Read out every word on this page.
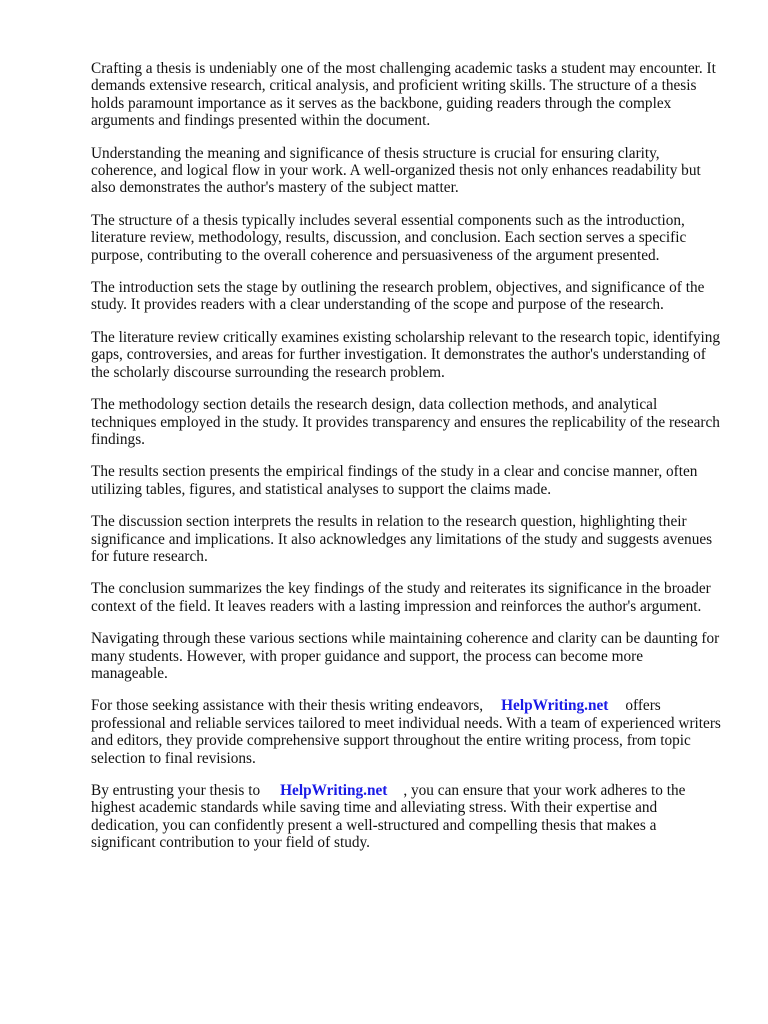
Crafting a thesis is undeniably one of the most challenging academic tasks a student may encounter. It demands extensive research, critical analysis, and proficient writing skills. The structure of a thesis holds paramount importance as it serves as the backbone, guiding readers through the complex arguments and findings presented within the document.

Understanding the meaning and significance of thesis structure is crucial for ensuring clarity, coherence, and logical flow in your work. A well-organized thesis not only enhances readability but also demonstrates the author's mastery of the subject matter.

The structure of a thesis typically includes several essential components such as the introduction, literature review, methodology, results, discussion, and conclusion. Each section serves a specific purpose, contributing to the overall coherence and persuasiveness of the argument presented.

The introduction sets the stage by outlining the research problem, objectives, and significance of the study. It provides readers with a clear understanding of the scope and purpose of the research.

The literature review critically examines existing scholarship relevant to the research topic, identifying gaps, controversies, and areas for further investigation. It demonstrates the author's understanding of the scholarly discourse surrounding the research problem.

The methodology section details the research design, data collection methods, and analytical techniques employed in the study. It provides transparency and ensures the replicability of the research findings.

The results section presents the empirical findings of the study in a clear and concise manner, often utilizing tables, figures, and statistical analyses to support the claims made.

The discussion section interprets the results in relation to the research question, highlighting their significance and implications. It also acknowledges any limitations of the study and suggests avenues for future research.

The conclusion summarizes the key findings of the study and reiterates its significance in the broader context of the field. It leaves readers with a lasting impression and reinforces the author's argument.

Navigating through these various sections while maintaining coherence and clarity can be daunting for many students. However, with proper guidance and support, the process can become more manageable.

For those seeking assistance with their thesis writing endeavors, HelpWriting.net offers professional and reliable services tailored to meet individual needs. With a team of experienced writers and editors, they provide comprehensive support throughout the entire writing process, from topic selection to final revisions.

By entrusting your thesis to HelpWriting.net , you can ensure that your work adheres to the highest academic standards while saving time and alleviating stress. With their expertise and dedication, you can confidently present a well-structured and compelling thesis that makes a significant contribution to your field of study.
